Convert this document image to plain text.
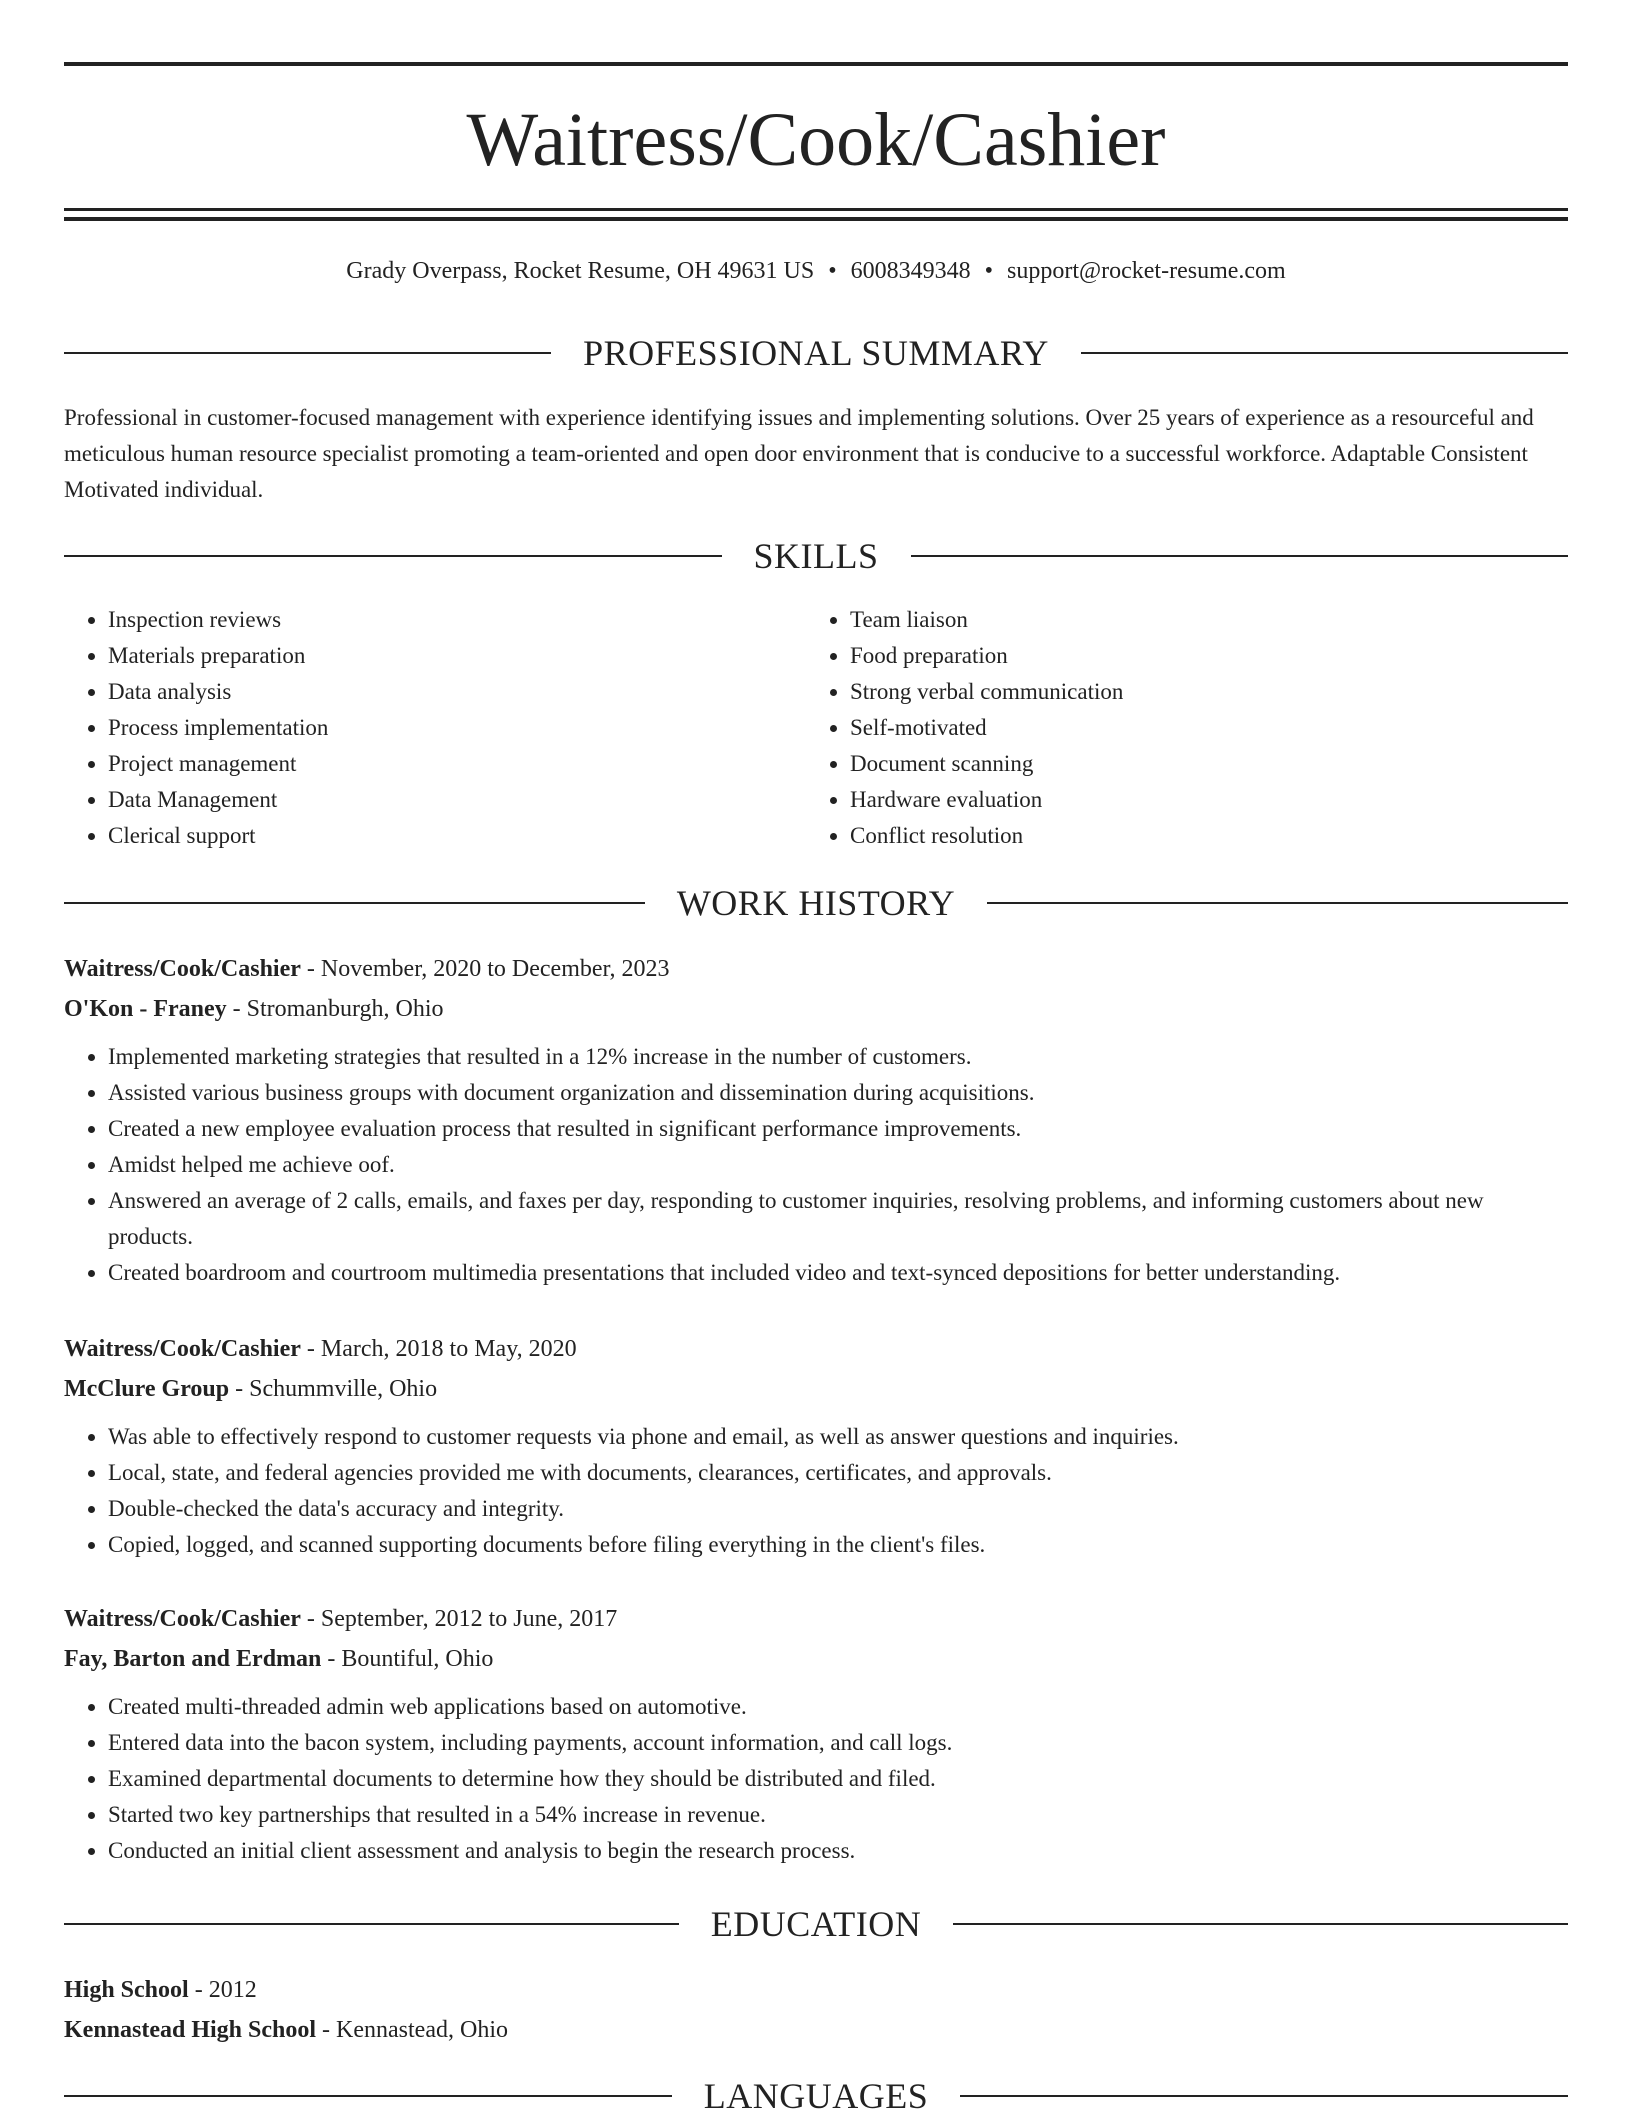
Waitress/Cook/Cashier
Grady Overpass, Rocket Resume, OH 49631 US • 6008349348 • support@rocket-resume.com
PROFESSIONAL SUMMARY

Professional in customer-focused management with experience identifying issues and implementing solutions. Over 25 years of experience as a resourceful and meticulous human resource specialist promoting a team-oriented and open door environment that is conducive to a successful workforce. Adaptable Consistent Motivated individual.

SKILLS
• Inspection reviews
• Materials preparation
• Data analysis
• Process implementation
• Project management
• Data Management
• Clerical support
• Team liaison
• Food preparation
• Strong verbal communication
• Self-motivated
• Document scanning
• Hardware evaluation
• Conflict resolution
WORK HISTORY
Waitress/Cook/Cashier - November, 2020 to December, 2023
O'Kon - Franey - Stromanburgh, Ohio
• Implemented marketing strategies that resulted in a 12% increase in the number of customers.
• Assisted various business groups with document organization and dissemination during acquisitions.
• Created a new employee evaluation process that resulted in significant performance improvements.
• Amidst helped me achieve oof.
• Answered an average of 2 calls, emails, and faxes per day, responding to customer inquiries, resolving problems, and informing customers about new products.
• Created boardroom and courtroom multimedia presentations that included video and text-synced depositions for better understanding.
Waitress/Cook/Cashier - March, 2018 to May, 2020
McClure Group - Schummville, Ohio
• Was able to effectively respond to customer requests via phone and email, as well as answer questions and inquiries.
• Local, state, and federal agencies provided me with documents, clearances, certificates, and approvals.
• Double-checked the data's accuracy and integrity.
• Copied, logged, and scanned supporting documents before filing everything in the client's files.
Waitress/Cook/Cashier - September, 2012 to June, 2017
Fay, Barton and Erdman - Bountiful, Ohio
• Created multi-threaded admin web applications based on automotive.
• Entered data into the bacon system, including payments, account information, and call logs.
• Examined departmental documents to determine how they should be distributed and filed.
• Started two key partnerships that resulted in a 54% increase in revenue.
• Conducted an initial client assessment and analysis to begin the research process.
EDUCATION
High School - 2012
Kennastead High School - Kennastead, Ohio
LANGUAGES
